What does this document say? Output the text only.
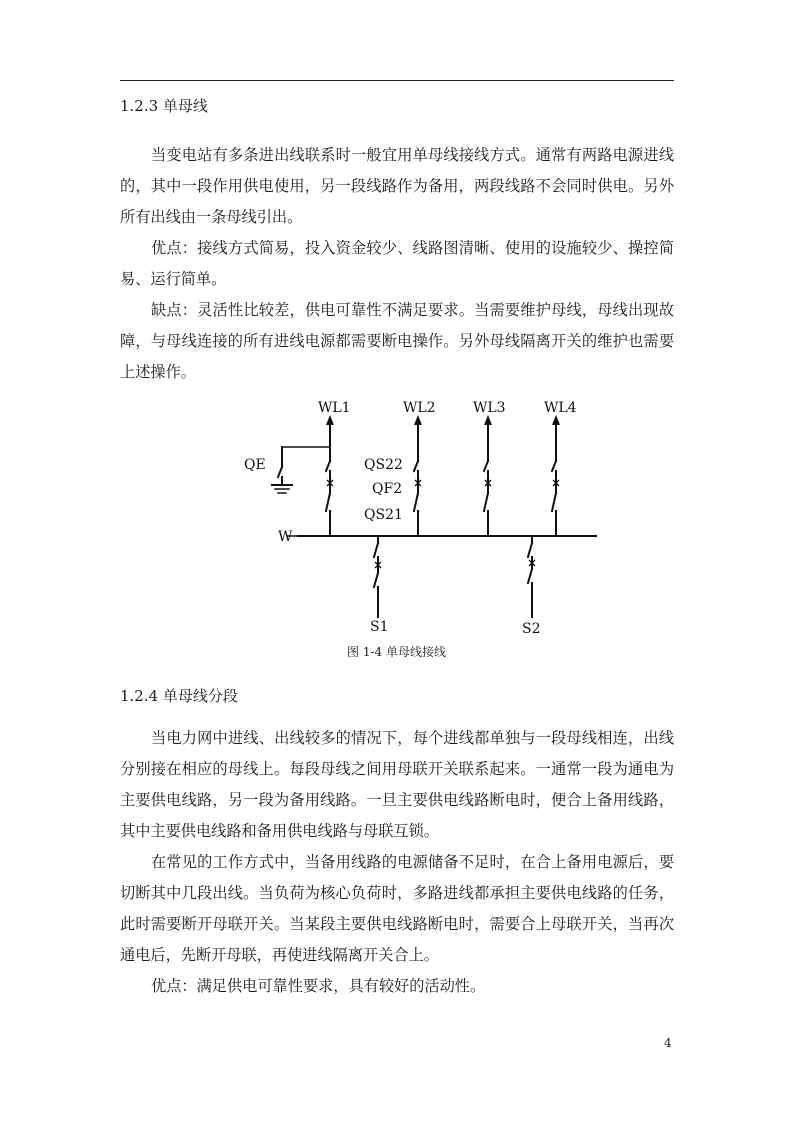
1.2.3 单母线

当变电站有多条进出线联系时一般宜用单母线接线方式。通常有两路电源进线的，其中一段作用供电使用，另一段线路作为备用，两段线路不会同时供电。另外所有出线由一条母线引出。

优点：接线方式简易，投入资金较少、线路图清晰、使用的设施较少、操控简易、运行简单。

缺点：灵活性比较差，供电可靠性不满足要求。当需要维护母线，母线出现故障，与母线连接的所有进线电源都需要断电操作。另外母线隔离开关的维护也需要上述操作。

WL1	WL2	WL3	WL4
QE	QS22
QF2
QS21
W
S1	S2
图 1-4 单母线接线
1.2.4 单母线分段

当电力网中进线、出线较多的情况下，每个进线都单独与一段母线相连，出线分别接在相应的母线上。每段母线之间用母联开关联系起来。一通常一段为通电为主要供电线路，另一段为备用线路。一旦主要供电线路断电时，便合上备用线路，其中主要供电线路和备用供电线路与母联互锁。

在常见的工作方式中，当备用线路的电源储备不足时，在合上备用电源后，要切断其中几段出线。当负荷为核心负荷时，多路进线都承担主要供电线路的任务，此时需要断开母联开关。当某段主要供电线路断电时，需要合上母联开关，当再次通电后，先断开母联，再使进线隔离开关合上。

优点：满足供电可靠性要求，具有较好的活动性。

4
